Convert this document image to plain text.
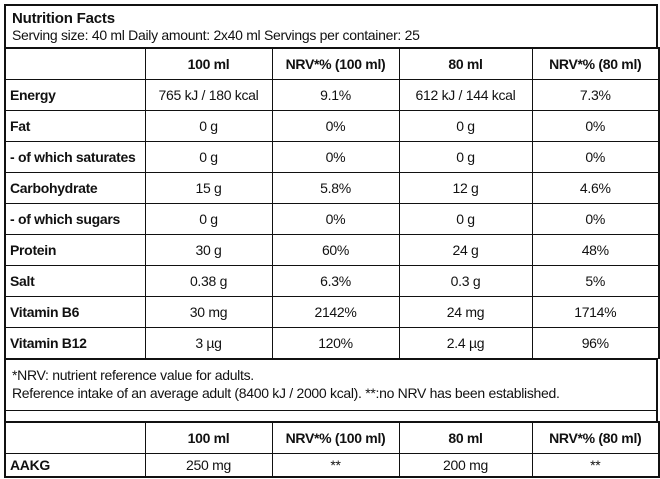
Nutrition Facts
Serving size: 40 ml Daily amount: 2x40 ml Servings per container: 25
	100 ml	NRV*% (100 ml)	80 ml	NRV*% (80 ml)
Energy	765 kJ / 180 kcal	9.1%	612 kJ / 144 kcal	7.3%
Fat	0 g	0%	0 g	0%
- of which saturates	0 g	0%	0 g	0%
Carbohydrate	15 g	5.8%	12 g	4.6%
- of which sugars	0 g	0%	0 g	0%
Protein	30 g	60%	24 g	48%
Salt	0.38 g	6.3%	0.3 g	5%
Vitamin B6	30 mg	2142%	24 mg	1714%
Vitamin B12	3 µg	120%	2.4 µg	96%
*NRV: nutrient reference value for adults.
Reference intake of an average adult (8400 kJ / 2000 kcal). **:no NRV has been established.
	100 ml	NRV*% (100 ml)	80 ml	NRV*% (80 ml)
AAKG	250 mg	**	200 mg	**
